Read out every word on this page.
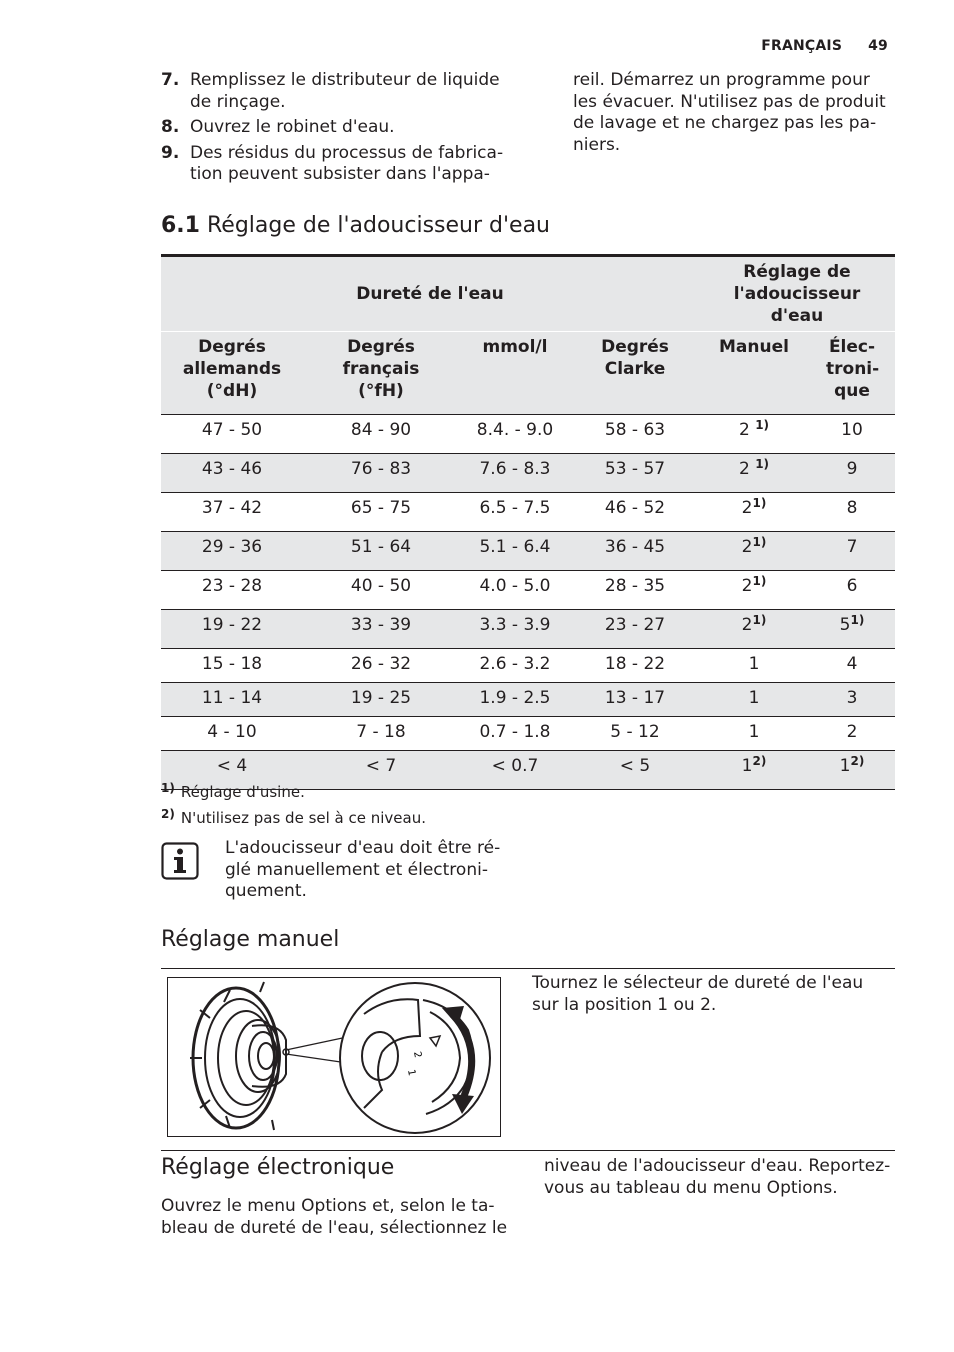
FRANÇAIS 49
7. Remplissez le distributeur de liquide de rinçage.
8. Ouvrez le robinet d'eau.
9. Des résidus du processus de fabrication peuvent subsister dans l'appa-
reil. Démarrez un programme pour les évacuer. N'utilisez pas de produit de lavage et ne chargez pas les paniers.
6.1 Réglage de l'adoucisseur d'eau
Dureté de l'eau				Réglage de l'adoucisseur d'eau	

Degrés allemands (°dH)	Degrés français (°fH)	mmol/l	Degrés Clarke	Manuel	Électronique

47 - 50	84 - 90	8.4. - 9.0	58 - 63	2 $^{1)}$	10
43 - 46	76 - 83	7.6 - 8.3	53 - 57	2 $^{1)}$	9
37 - 42	65 - 75	6.5 - 7.5	46 - 52	2$^{1)}$	8
29 - 36	51 - 64	5.1 - 6.4	36 - 45	2$^{1)}$	7
23 - 28	40 - 50	4.0 - 5.0	28 - 35	2$^{1)}$	6
19 - 22	33 - 39	3.3 - 3.9	23 - 27	2$^{1)}$	5$^{1)}$
15 - 18	26 - 32	2.6 - 3.2	18 - 22	1	4
11 - 14	19 - 25	1.9 - 2.5	13 - 17	1	3
4 - 10	7 - 18	0.7 - 1.8	5 - 12	1	2
< 4	< 7	< 0.7	< 5	1$^{2)}$	1$^{2)}$
1) Réglage d'usine.
2) N'utilisez pas de sel à ce niveau.
L'adoucisseur d'eau doit être réglé manuellement et électroniquement.
Réglage manuel
2
1
Tournez le sélecteur de dureté de l'eau sur la position 1 ou 2.
Réglage électronique
Ouvrez le menu Options et, selon le tableau de dureté de l'eau, sélectionnez le
niveau de l'adoucisseur d'eau. Reportez-vous au tableau du menu Options.
